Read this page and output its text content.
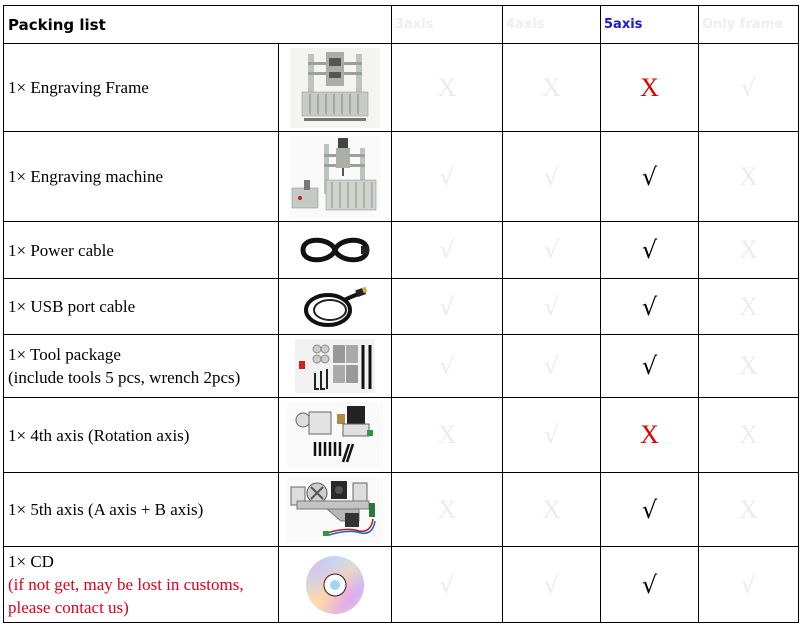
Packing list		3axis	4axis	5axis	Only frame
1× Engraving Frame		X	X	X	√
1× Engraving machine		√	√	√	X
1× Power cable		√	√	√	X
1× USB port cable		√	√	√	X

1× Tool package
(include tools 5 pcs, wrench 2pcs)		√	√	√	X
1× 4th axis (Rotation axis)		X	√	X	X
1× 5th axis (A axis + B axis)		X	X	√	X

1× CD
(if not get, may be lost in customs,
please contact us)		√	√	√	√
